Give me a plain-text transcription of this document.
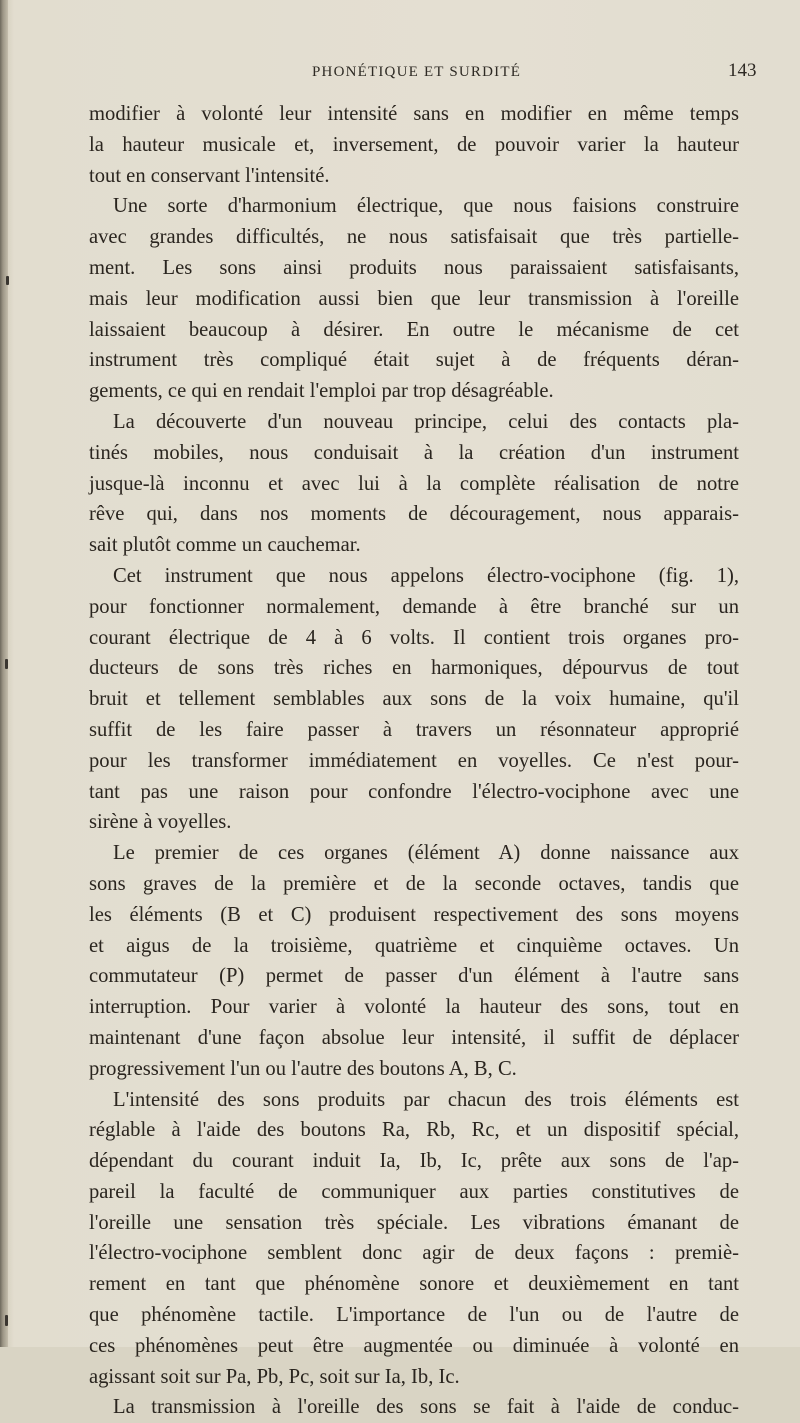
PHONÉTIQUE ET SURDITÉ	143
modifier à volonté leur intensité sans en modifier en même temps
la hauteur musicale et, inversement, de pouvoir varier la hauteur
tout en conservant l'intensité.
Une sorte d'harmonium électrique, que nous faisions construire
avec grandes difficultés, ne nous satisfaisait que très partielle-
ment. Les sons ainsi produits nous paraissaient satisfaisants,
mais leur modification aussi bien que leur transmission à l'oreille
laissaient beaucoup à désirer. En outre le mécanisme de cet
instrument très compliqué était sujet à de fréquents déran-
gements, ce qui en rendait l'emploi par trop désagréable.
La découverte d'un nouveau principe, celui des contacts pla-
tinés mobiles, nous conduisait à la création d'un instrument
jusque-là inconnu et avec lui à la complète réalisation de notre
rêve qui, dans nos moments de découragement, nous apparais-
sait plutôt comme un cauchemar.
Cet instrument que nous appelons électro-vociphone (fig. 1),
pour fonctionner normalement, demande à être branché sur un
courant électrique de 4 à 6 volts. Il contient trois organes pro-
ducteurs de sons très riches en harmoniques, dépourvus de tout
bruit et tellement semblables aux sons de la voix humaine, qu'il
suffit de les faire passer à travers un résonnateur approprié
pour les transformer immédiatement en voyelles. Ce n'est pour-
tant pas une raison pour confondre l'électro-vociphone avec une
sirène à voyelles.
Le premier de ces organes (élément A) donne naissance aux
sons graves de la première et de la seconde octaves, tandis que
les éléments (B et C) produisent respectivement des sons moyens
et aigus de la troisième, quatrième et cinquième octaves. Un
commutateur (P) permet de passer d'un élément à l'autre sans
interruption. Pour varier à volonté la hauteur des sons, tout en
maintenant d'une façon absolue leur intensité, il suffit de déplacer
progressivement l'un ou l'autre des boutons A, B, C.
L'intensité des sons produits par chacun des trois éléments est
réglable à l'aide des boutons Ra, Rb, Rc, et un dispositif spécial,
dépendant du courant induit Ia, Ib, Ic, prête aux sons de l'ap-
pareil la faculté de communiquer aux parties constitutives de
l'oreille une sensation très spéciale. Les vibrations émanant de
l'électro-vociphone semblent donc agir de deux façons : premiè-
rement en tant que phénomène sonore et deuxièmement en tant
que phénomène tactile. L'importance de l'un ou de l'autre de
ces phénomènes peut être augmentée ou diminuée à volonté en
agissant soit sur Pa, Pb, Pc, soit sur Ia, Ib, Ic.
La transmission à l'oreille des sons se fait à l'aide de conduc-
